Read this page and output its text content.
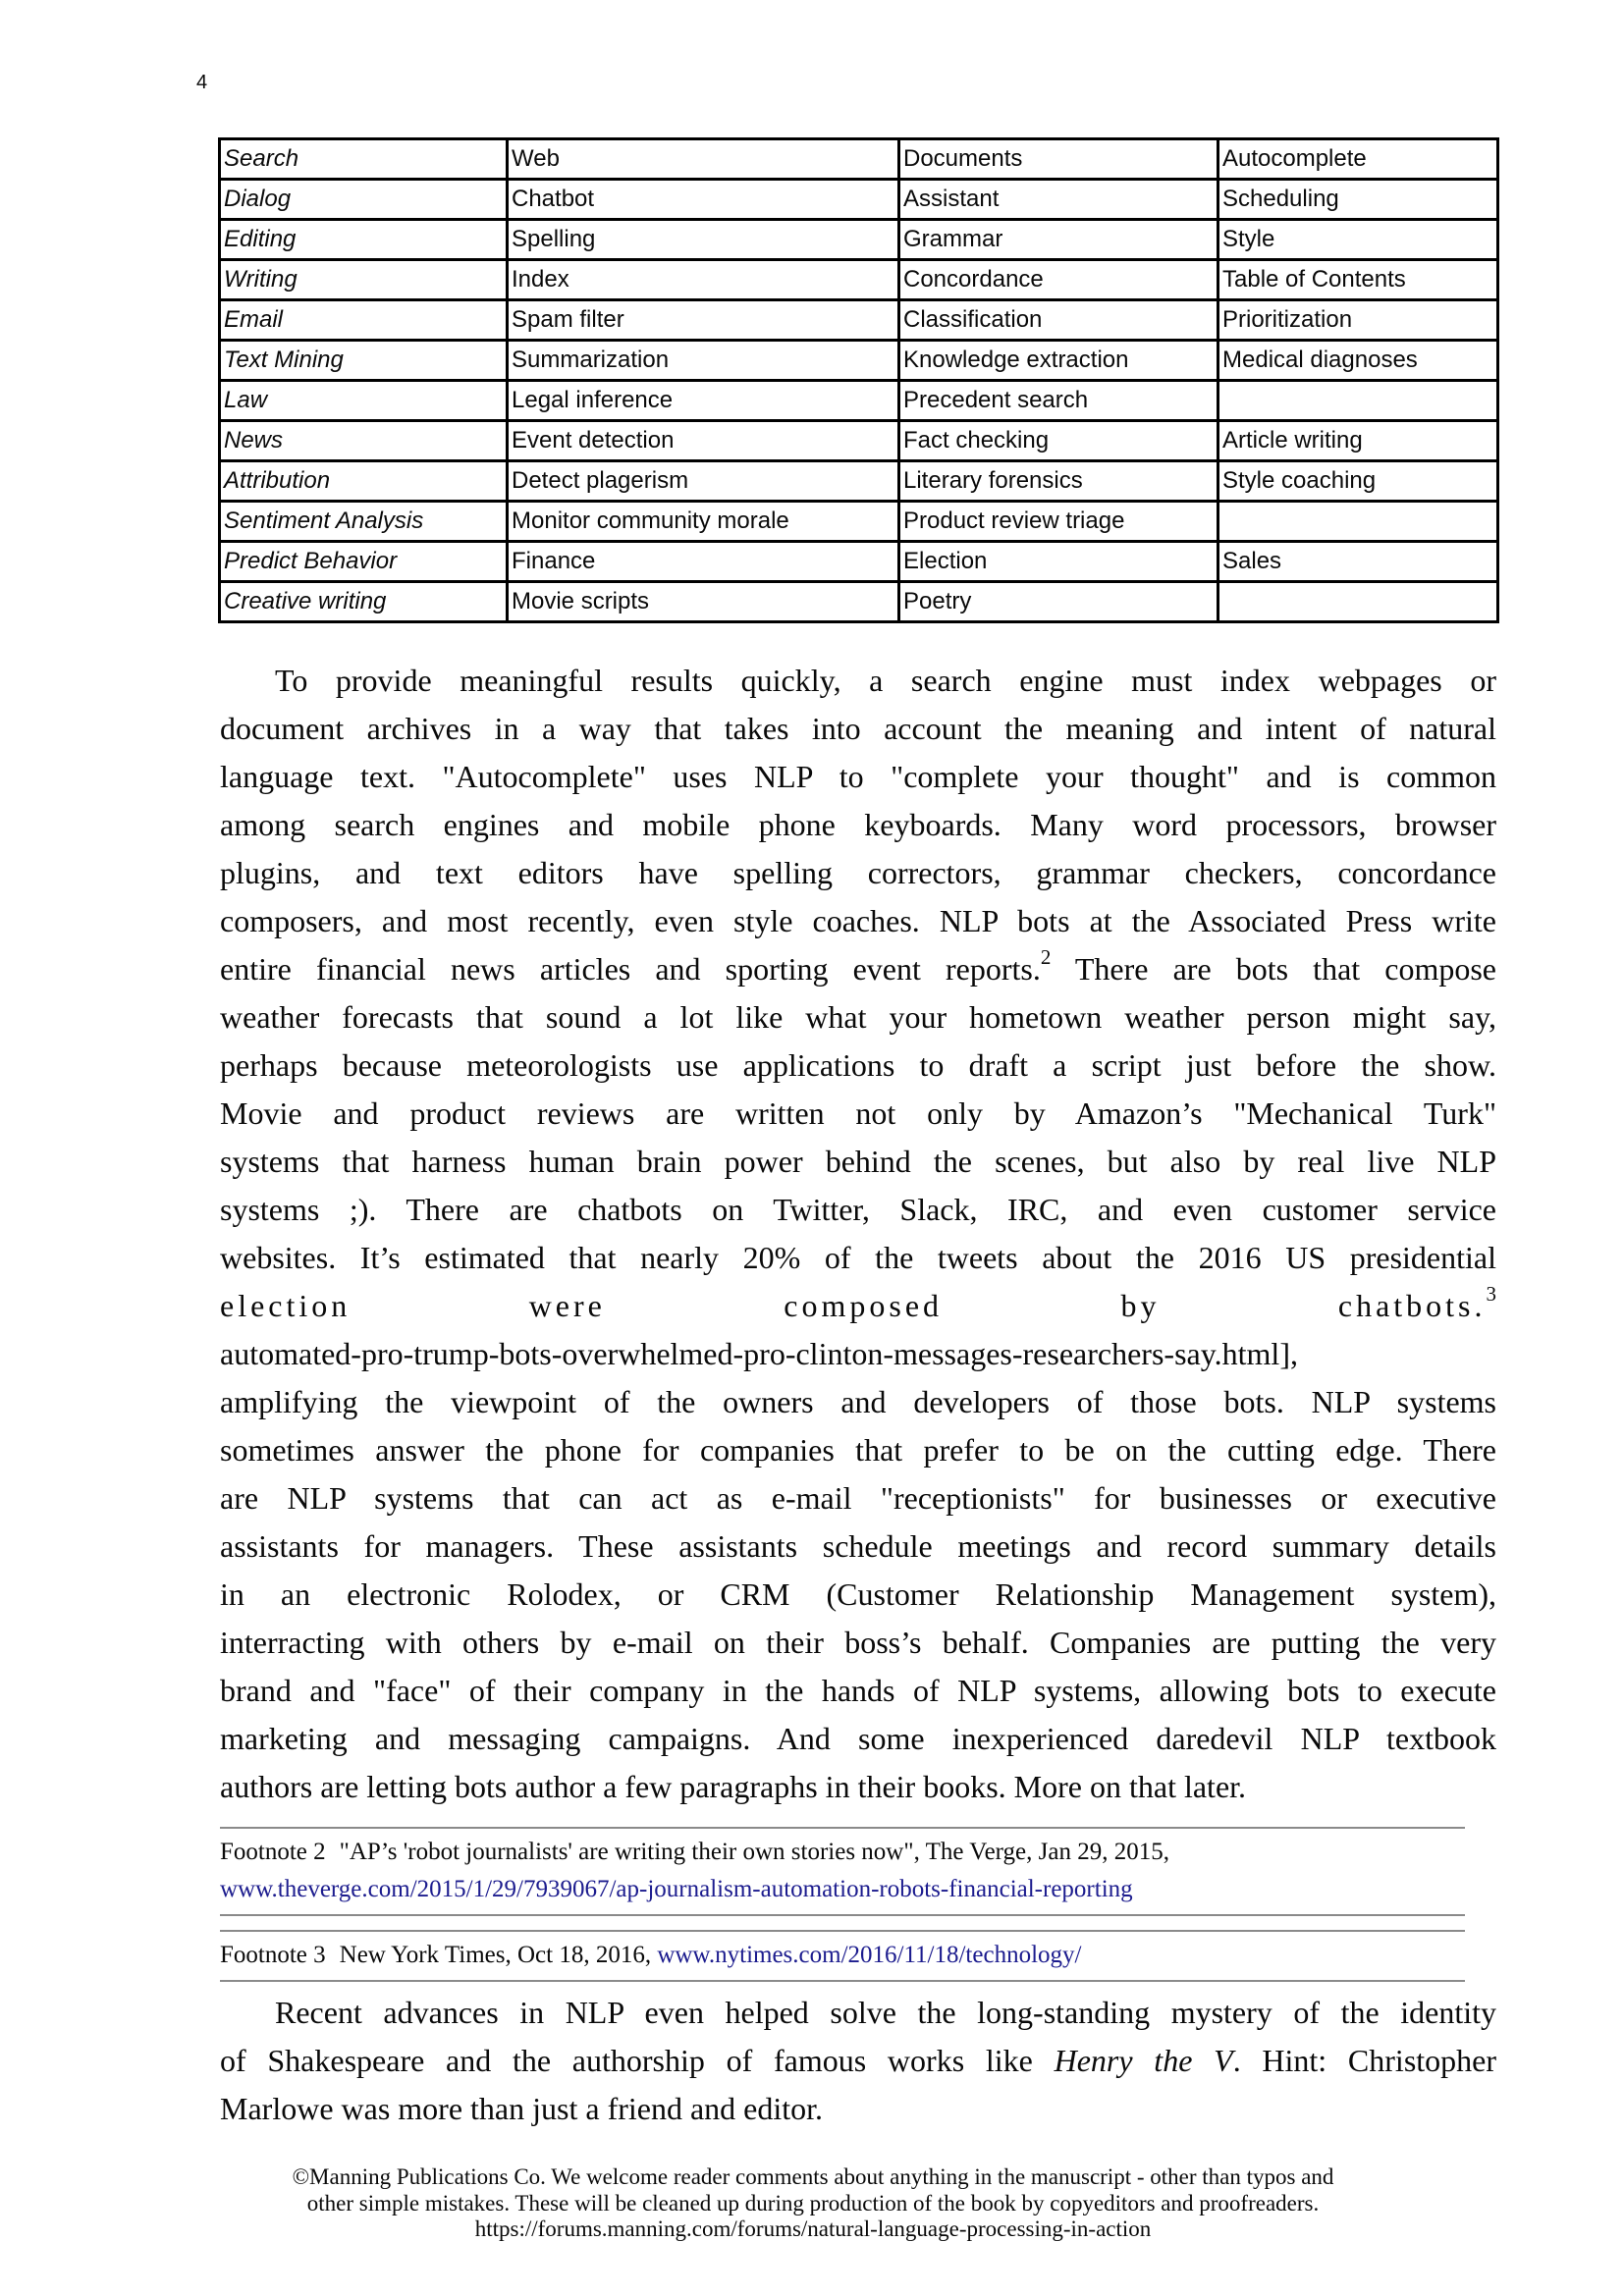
4
Search	Web	Documents	Autocomplete
Dialog	Chatbot	Assistant	Scheduling
Editing	Spelling	Grammar	Style
Writing	Index	Concordance	Table of Contents
Email	Spam filter	Classification	Prioritization
Text Mining	Summarization	Knowledge extraction	Medical diagnoses
Law	Legal inference	Precedent search	
News	Event detection	Fact checking	Article writing
Attribution	Detect plagerism	Literary forensics	Style coaching
Sentiment Analysis	Monitor community morale	Product review triage	
Predict Behavior	Finance	Election	Sales
Creative writing	Movie scripts	Poetry	
To provide meaningful results quickly, a search engine must index webpages or
document archives in a way that takes into account the meaning and intent of natural
language text. "Autocomplete" uses NLP to "complete your thought" and is common
among search engines and mobile phone keyboards. Many word processors, browser
plugins, and text editors have spelling correctors, grammar checkers, concordance
composers, and most recently, even style coaches. NLP bots at the Associated Press write
entire financial news articles and sporting event reports.$^2$ There are bots that compose
weather forecasts that sound a lot like what your hometown weather person might say,
perhaps because meteorologists use applications to draft a script just before the show.
Movie and product reviews are written not only by Amazon’s "Mechanical Turk"
systems that harness human brain power behind the scenes, but also by real live NLP
systems ;). There are chatbots on Twitter, Slack, IRC, and even customer service
websites. It’s estimated that nearly 20% of the tweets about the 2016 US presidential
election were composed by chatbots.$^3$
automated-pro-trump-bots-overwhelmed-pro-clinton-messages-researchers-say.html],
amplifying the viewpoint of the owners and developers of those bots. NLP systems
sometimes answer the phone for companies that prefer to be on the cutting edge. There
are NLP systems that can act as e-mail "receptionists" for businesses or executive
assistants for managers. These assistants schedule meetings and record summary details
in an electronic Rolodex, or CRM (Customer Relationship Management system),
interracting with others by e-mail on their boss’s behalf. Companies are putting the very
brand and "face" of their company in the hands of NLP systems, allowing bots to execute
marketing and messaging campaigns. And some inexperienced daredevil NLP textbook
authors are letting bots author a few paragraphs in their books. More on that later.
Footnote 2 "AP’s 'robot journalists' are writing their own stories now", The Verge, Jan 29, 2015,
www.theverge.com/2015/1/29/7939067/ap-journalism-automation-robots-financial-reporting
Footnote 3 New York Times, Oct 18, 2016, www.nytimes.com/2016/11/18/technology/
Recent advances in NLP even helped solve the long-standing mystery of the identity
of Shakespeare and the authorship of famous works like Henry the V. Hint: Christopher
Marlowe was more than just a friend and editor.
©Manning Publications Co. We welcome reader comments about anything in the manuscript - other than typos and
other simple mistakes. These will be cleaned up during production of the book by copyeditors and proofreaders.
https://forums.manning.com/forums/natural-language-processing-in-action
